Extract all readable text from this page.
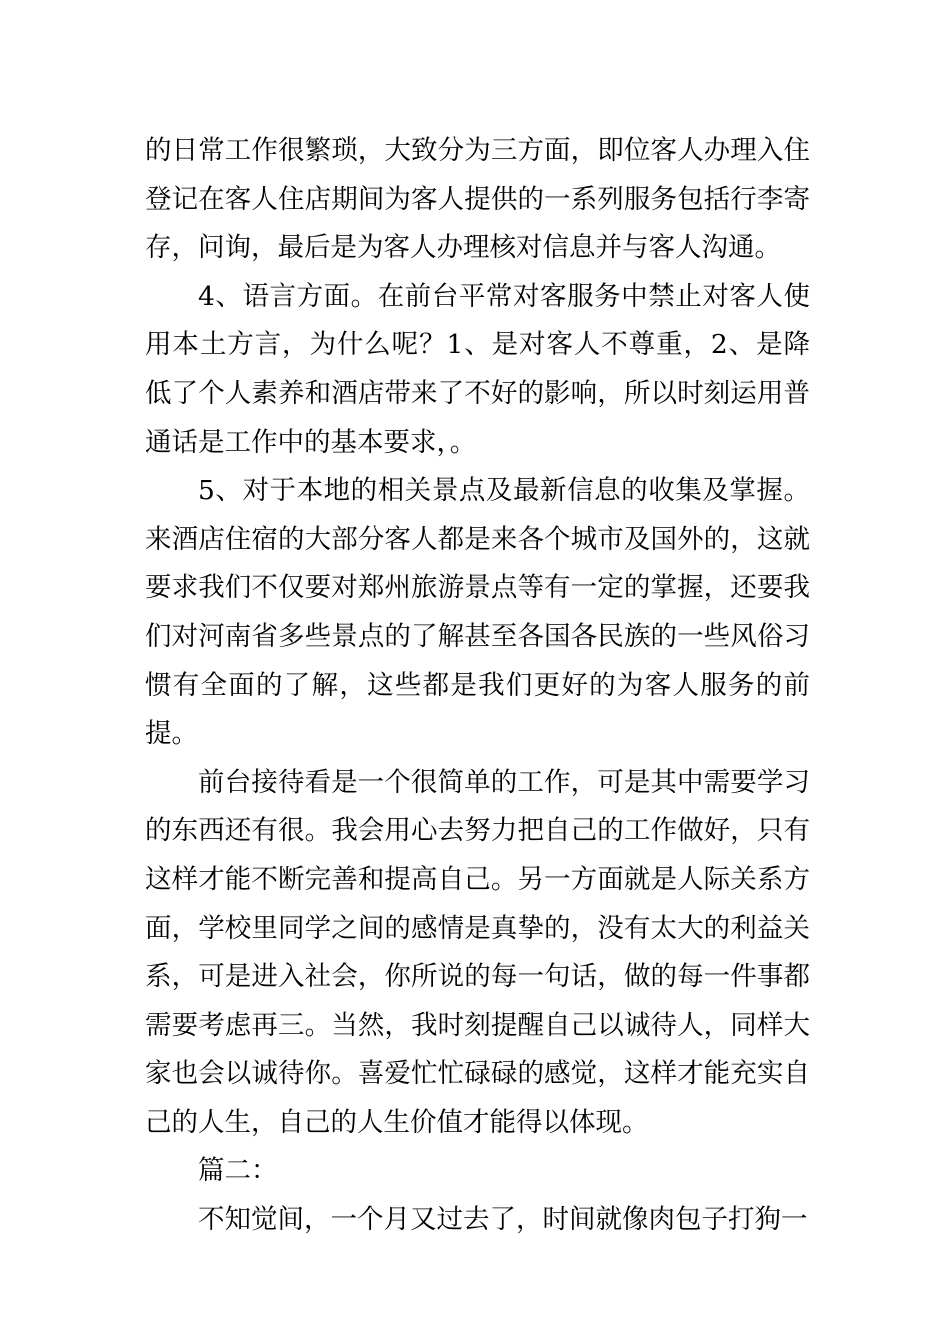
的日常工作很繁琐，大致分为三方面，即位客人办理入住登记在客人住店期间为客人提供的一系列服务包括行李寄存，问询，最后是为客人办理核对信息并与客人沟通。

4、语言方面。在前台平常对客服务中禁止对客人使用本土方言，为什么呢？1、是对客人不尊重，2、是降低了个人素养和酒店带来了不好的影响，所以时刻运用普通话是工作中的基本要求，。

5、对于本地的相关景点及最新信息的收集及掌握。来酒店住宿的大部分客人都是来各个城市及国外的，这就要求我们不仅要对郑州旅游景点等有一定的掌握，还要我们对河南省多些景点的了解甚至各国各民族的一些风俗习惯有全面的了解，这些都是我们更好的为客人服务的前提。

前台接待看是一个很简单的工作，可是其中需要学习的东西还有很。我会用心去努力把自己的工作做好，只有这样才能不断完善和提高自己。另一方面就是人际关系方面，学校里同学之间的感情是真挚的，没有太大的利益关系，可是进入社会，你所说的每一句话，做的每一件事都需要考虑再三。当然，我时刻提醒自己以诚待人，同样大家也会以诚待你。喜爱忙忙碌碌的感觉，这样才能充实自己的人生，自己的人生价值才能得以体现。

篇二：

不知觉间，一个月又过去了，时间就像肉包子打狗一
